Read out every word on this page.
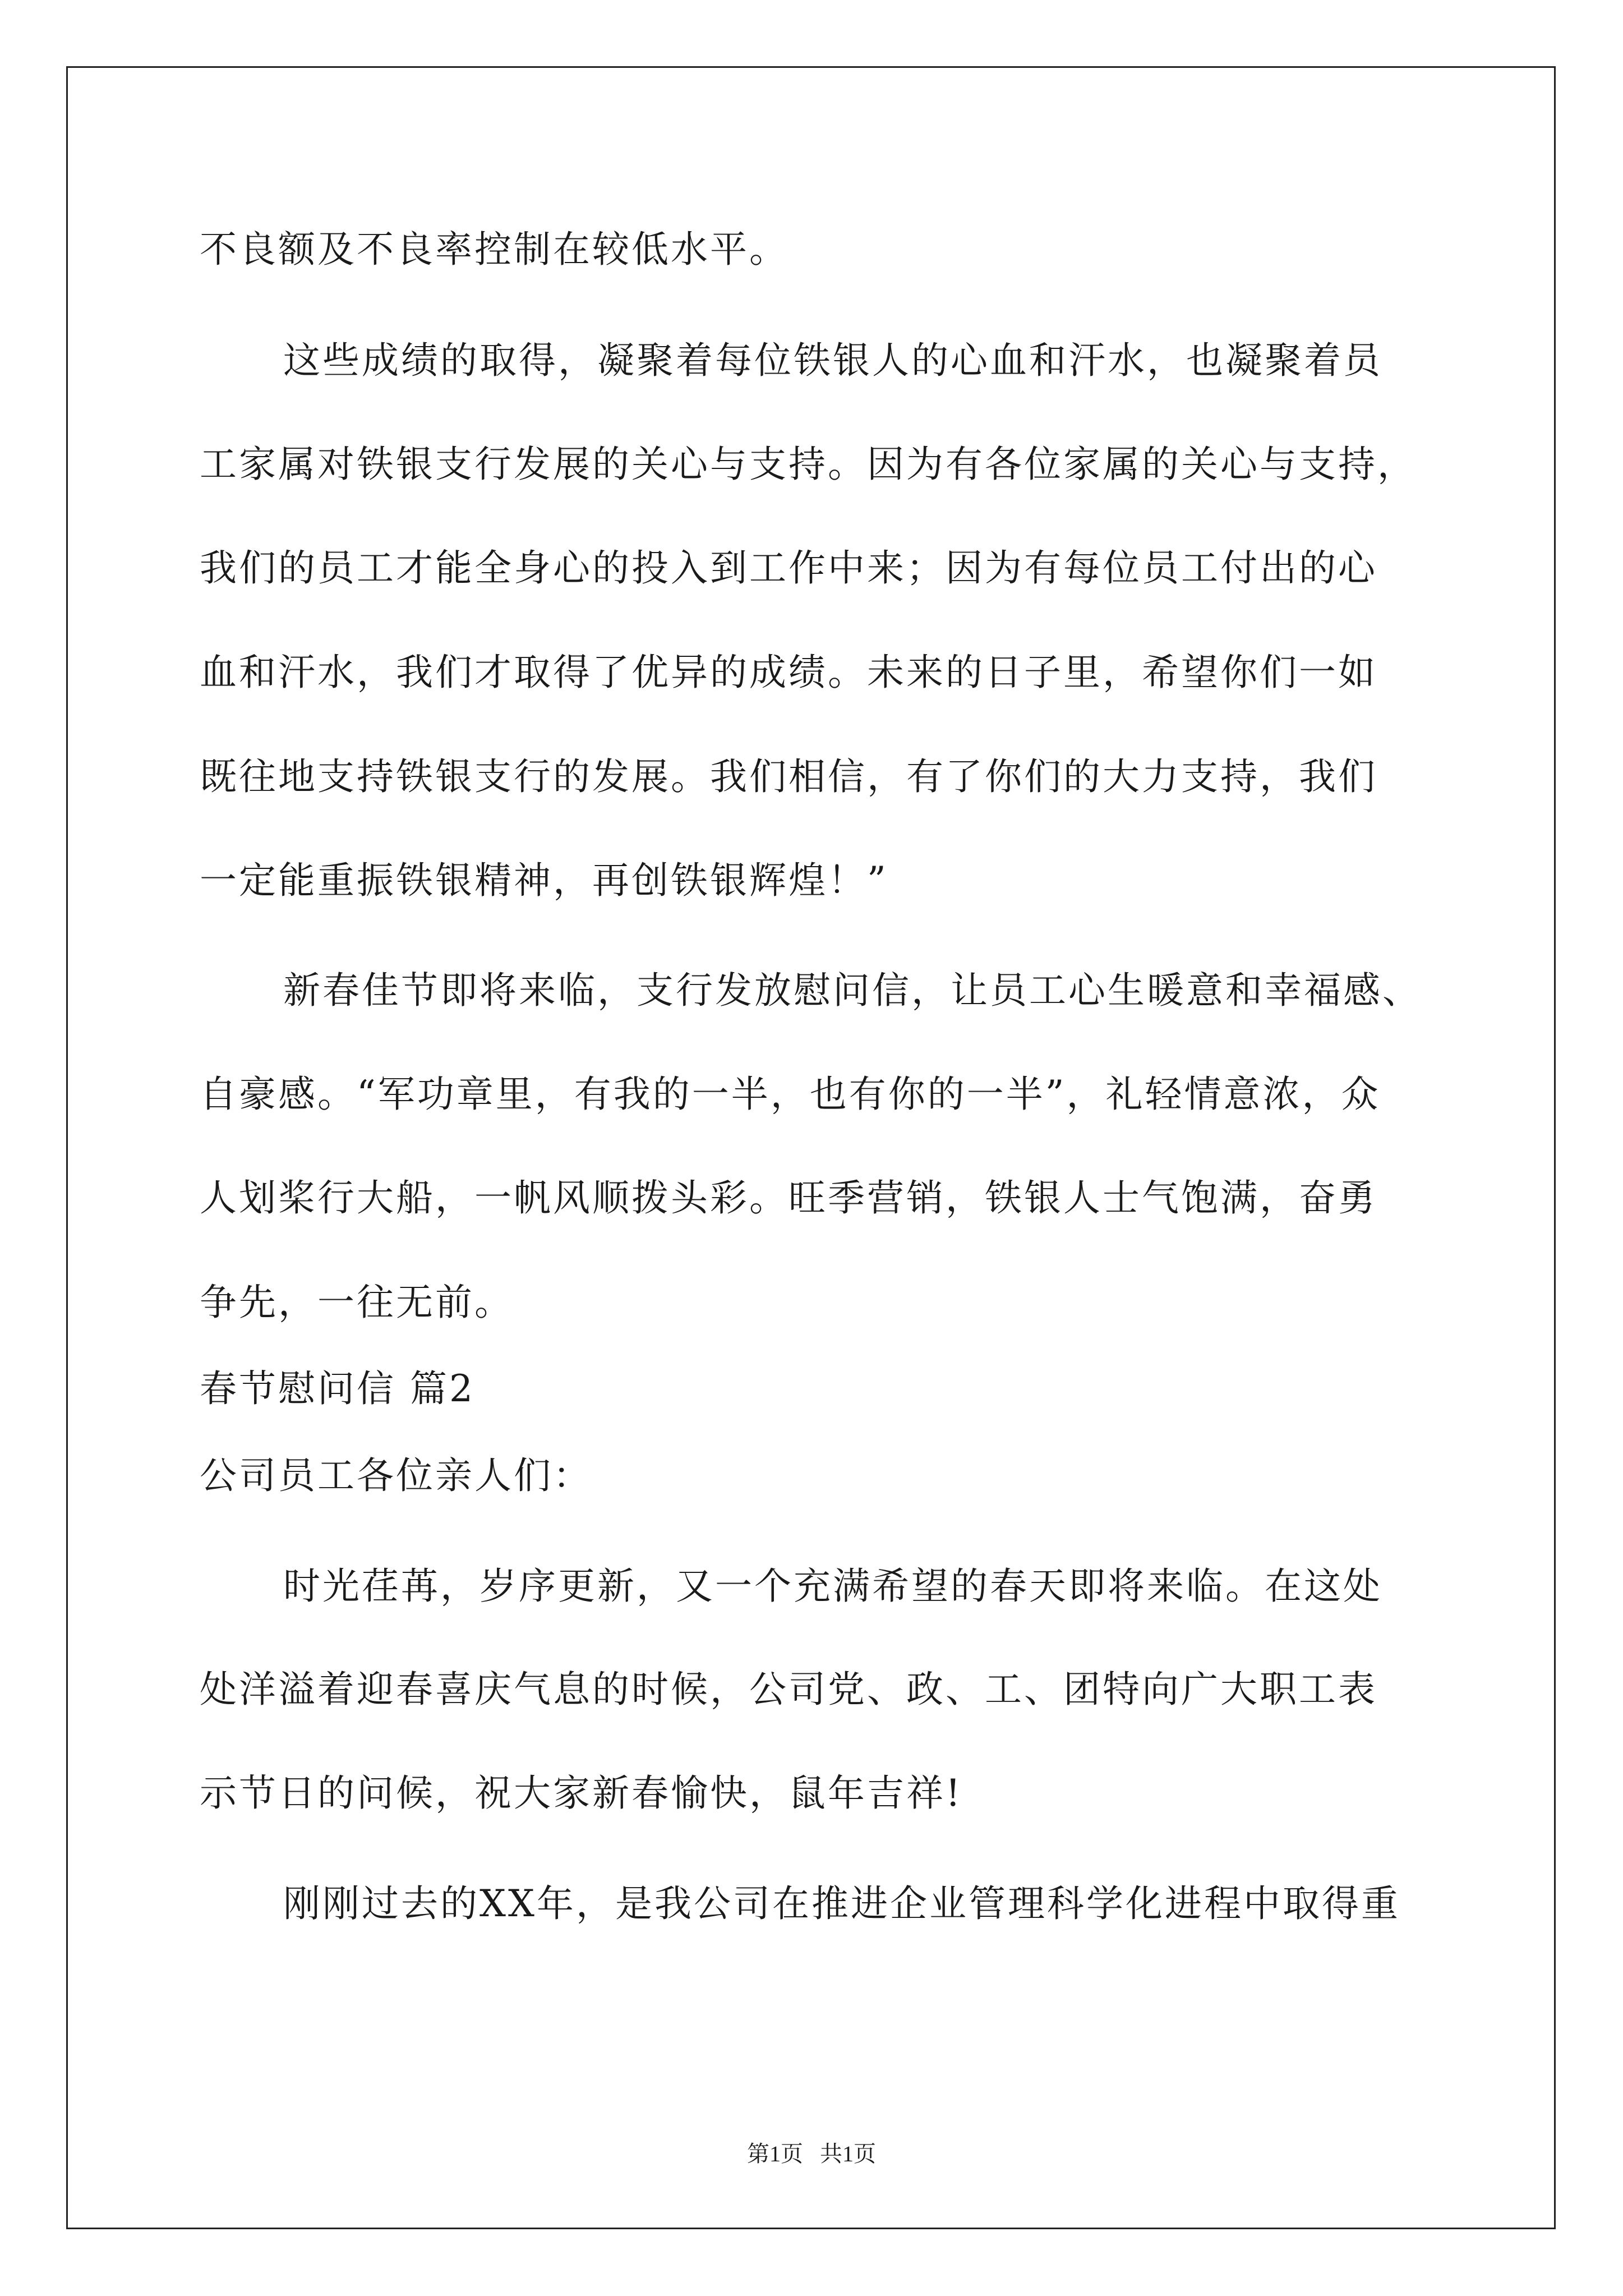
不良额及不良率控制在较低水平。
这些成绩的取得，凝聚着每位铁银人的心血和汗水，也凝聚着员
工家属对铁银支行发展的关心与支持。因为有各位家属的关心与支持，
我们的员工才能全身心的投入到工作中来；因为有每位员工付出的心
血和汗水，我们才取得了优异的成绩。未来的日子里，希望你们一如
既往地支持铁银支行的发展。我们相信，有了你们的大力支持，我们
一定能重振铁银精神，再创铁银辉煌！”
新春佳节即将来临，支行发放慰问信，让员工心生暖意和幸福感、
自豪感。“军功章里，有我的一半，也有你的一半”，礼轻情意浓，众
人划桨行大船，一帆风顺拨头彩。旺季营销，铁银人士气饱满，奋勇
争先，一往无前。
春节慰问信 篇2
公司员工各位亲人们：
时光荏苒，岁序更新，又一个充满希望的春天即将来临。在这处
处洋溢着迎春喜庆气息的时候，公司党、政、工、团特向广大职工表
示节日的问候，祝大家新春愉快，鼠年吉祥!
刚刚过去的XX年，是我公司在推进企业管理科学化进程中取得重
第1页   共1页
